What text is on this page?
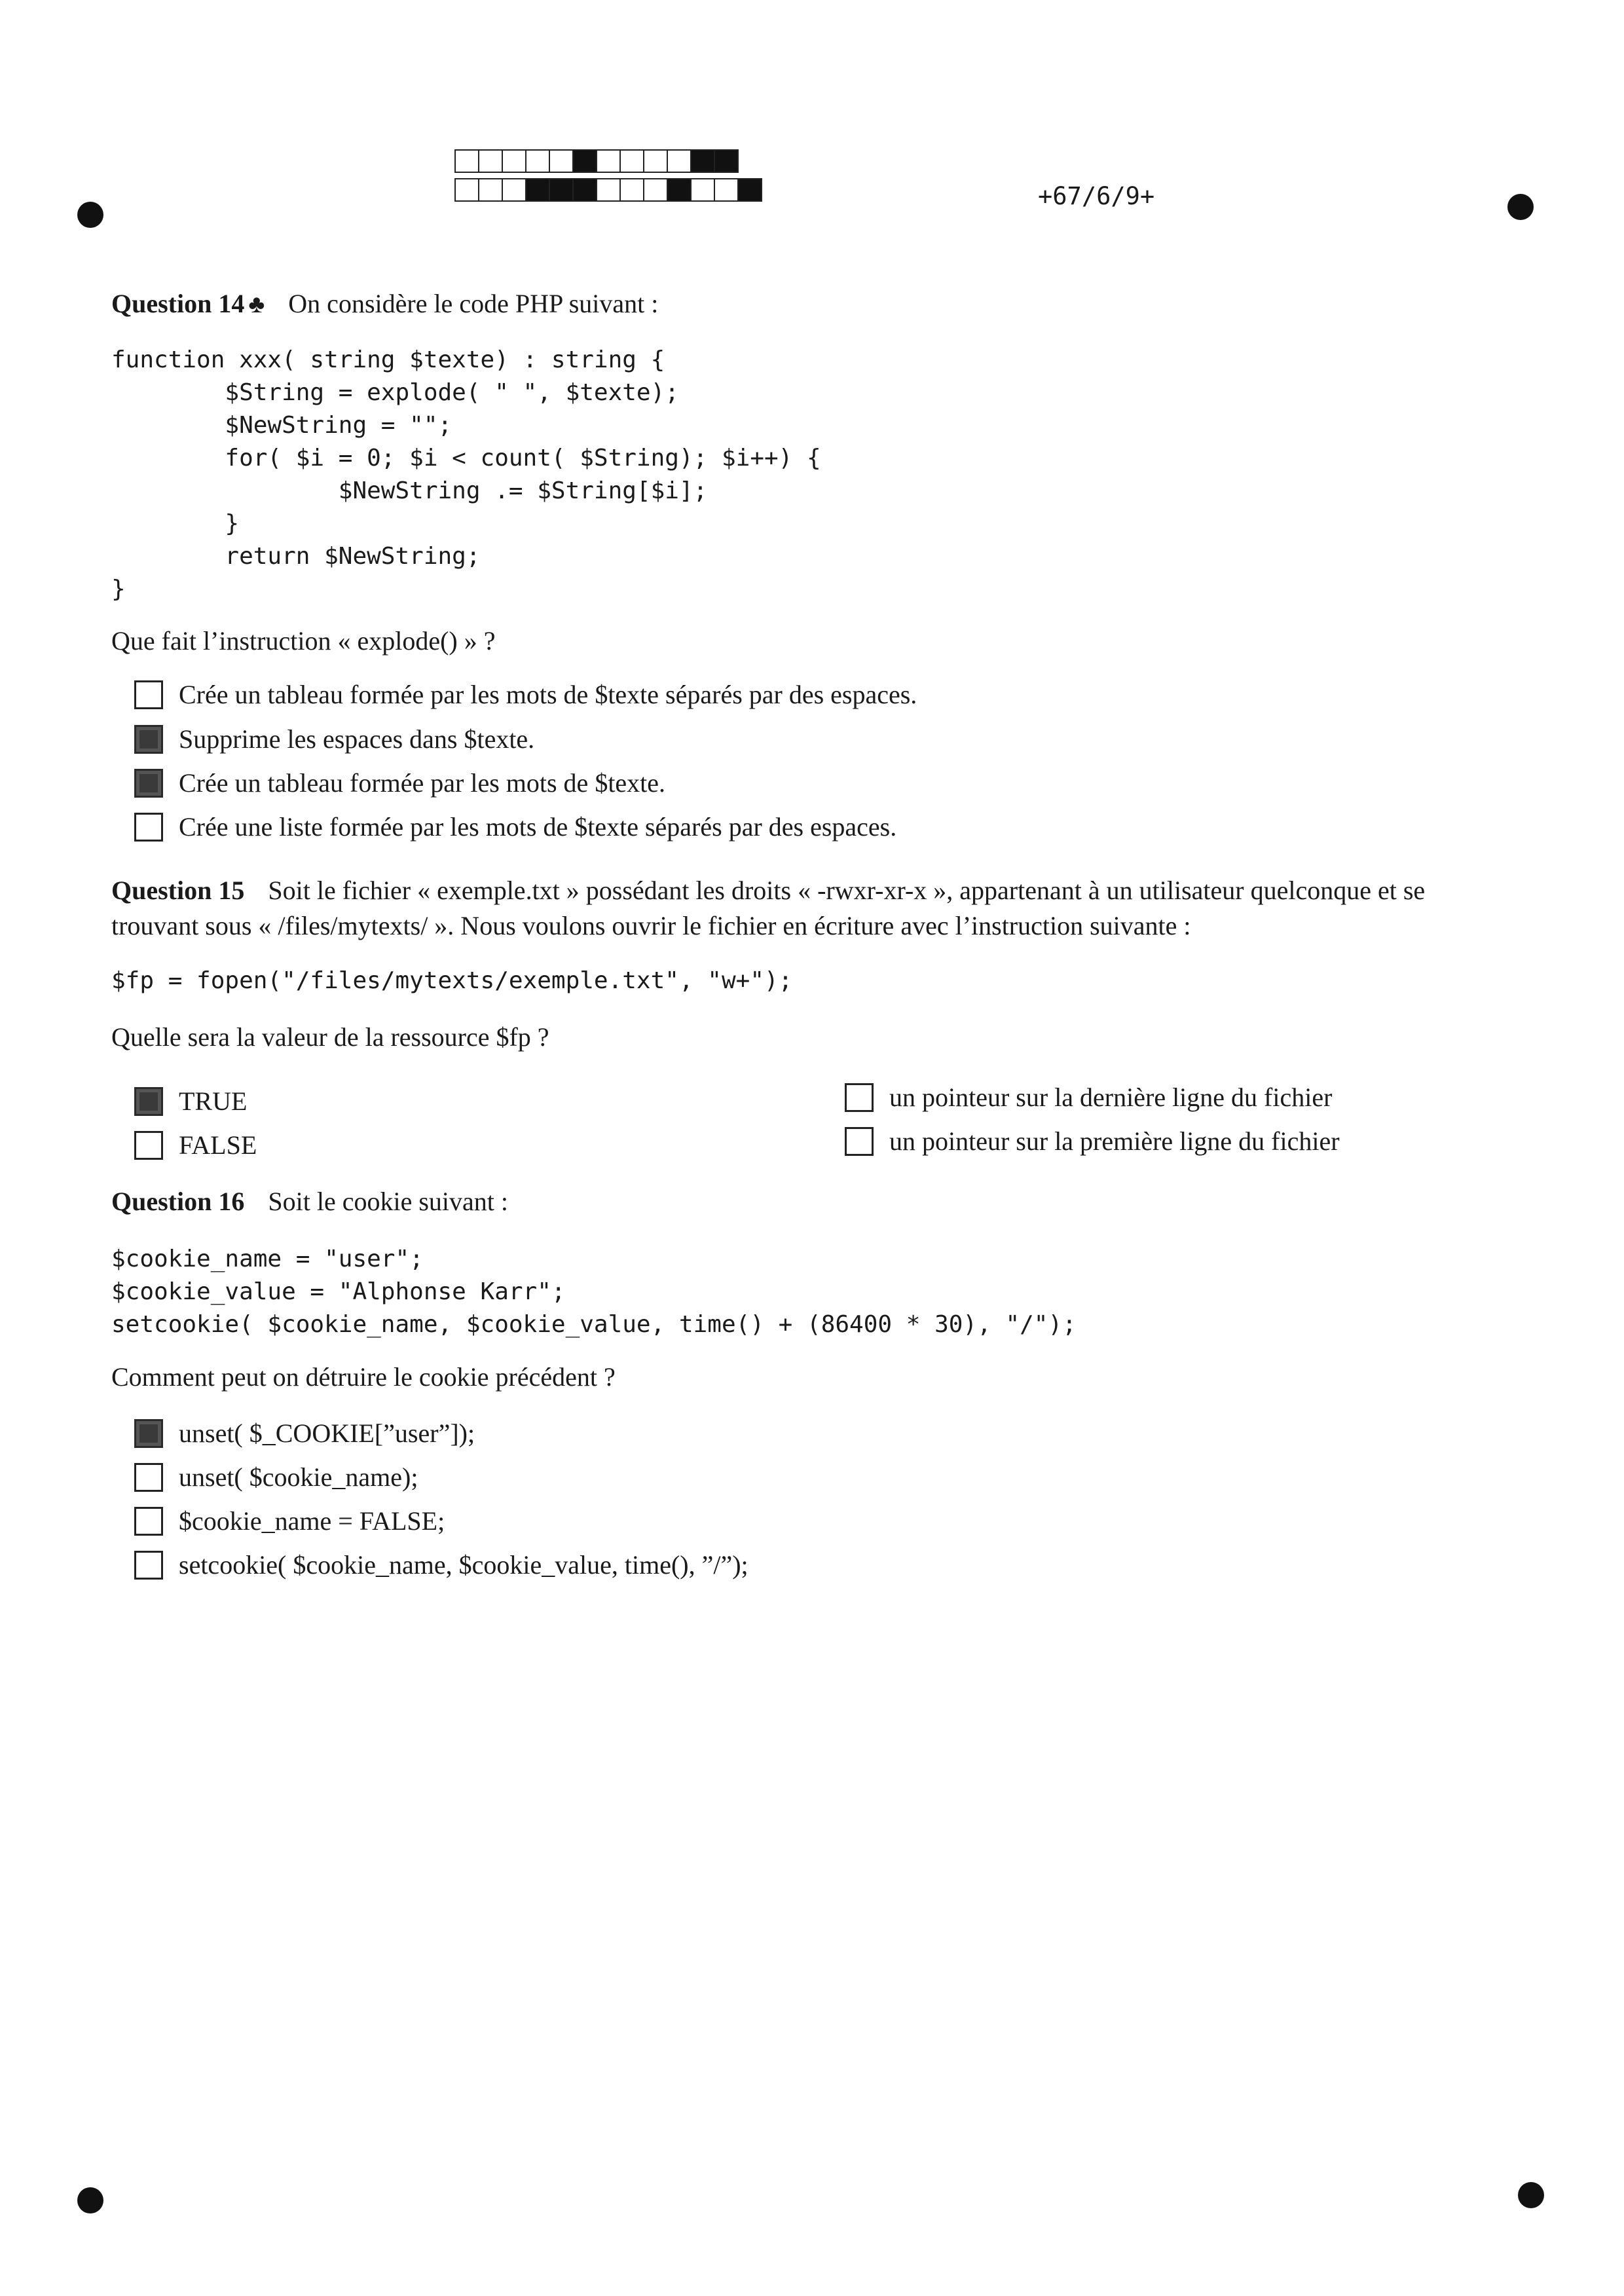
+67/6/9+
Question 14 ♣ On considère le code PHP suivant :
function xxx( string $texte) : string {
$String = explode( " ", $texte);
$NewString = "";
for( $i = 0; $i < count( $String); $i++) {
$NewString .= $String[$i];
}
return $NewString;
}
Que fait l’instruction « explode() » ?
Crée un tableau formée par les mots de $texte séparés par des espaces.
Supprime les espaces dans $texte.
Crée un tableau formée par les mots de $texte.
Crée une liste formée par les mots de $texte séparés par des espaces.
Question 15 Soit le fichier « exemple.txt » possédant les droits « -rwxr-xr-x », appartenant à un utilisateur quelconque et se trouvant sous « /files/mytexts/ ». Nous voulons ouvrir le fichier en écriture avec l’instruction suivante :
$fp = fopen("/files/mytexts/exemple.txt", "w+");
Quelle sera la valeur de la ressource $fp ?
TRUE
FALSE
un pointeur sur la dernière ligne du fichier
un pointeur sur la première ligne du fichier
Question 16 Soit le cookie suivant :
$cookie_name = "user";
$cookie_value = "Alphonse Karr";
setcookie( $cookie_name, $cookie_value, time() + (86400 * 30), "/");
Comment peut on détruire le cookie précédent ?
unset( $_COOKIE[”user”]);
unset( $cookie_name);
$cookie_name = FALSE;
setcookie( $cookie_name, $cookie_value, time(), ”/”);
